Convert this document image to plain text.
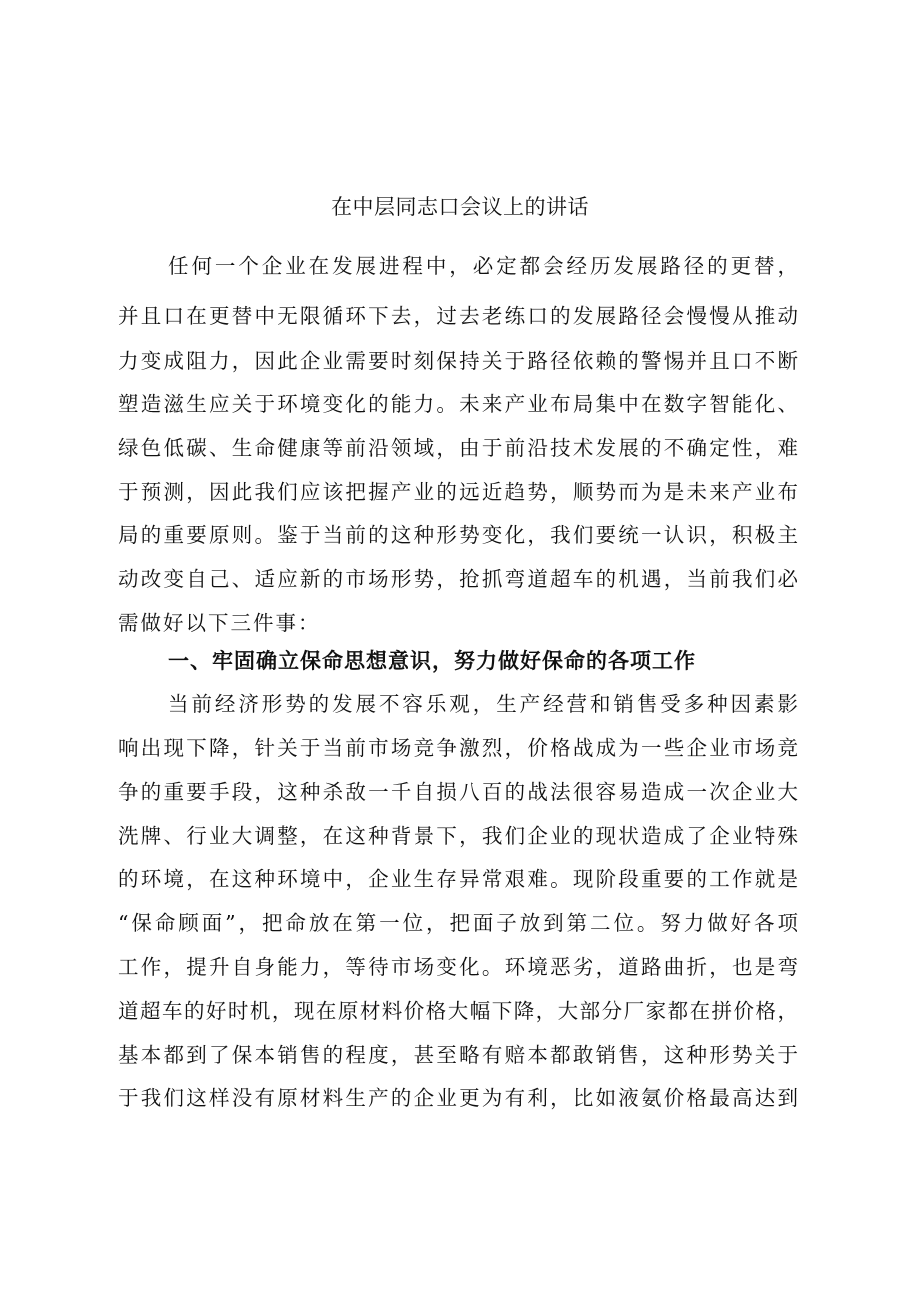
在中层同志口会议上的讲话
任何一个企业在发展进程中，必定都会经历发展路径的更替，
并且口在更替中无限循环下去，过去老练口的发展路径会慢慢从推动
力变成阻力，因此企业需要时刻保持关于路径依赖的警惕并且口不断
塑造滋生应关于环境变化的能力。未来产业布局集中在数字智能化、
绿色低碳、生命健康等前沿领域，由于前沿技术发展的不确定性，难
于预测，因此我们应该把握产业的远近趋势，顺势而为是未来产业布
局的重要原则。鉴于当前的这种形势变化，我们要统一认识，积极主
动改变自己、适应新的市场形势，抢抓弯道超车的机遇，当前我们必
需做好以下三件事：
一、牢固确立保命思想意识，努力做好保命的各项工作
当前经济形势的发展不容乐观，生产经营和销售受多种因素影
响出现下降，针关于当前市场竞争激烈，价格战成为一些企业市场竞
争的重要手段，这种杀敌一千自损八百的战法很容易造成一次企业大
洗牌、行业大调整，在这种背景下，我们企业的现状造成了企业特殊
的环境，在这种环境中，企业生存异常艰难。现阶段重要的工作就是
“保命顾面”，把命放在第一位，把面子放到第二位。努力做好各项
工作，提升自身能力，等待市场变化。环境恶劣，道路曲折，也是弯
道超车的好时机，现在原材料价格大幅下降，大部分厂家都在拼价格，
基本都到了保本销售的程度，甚至略有赔本都敢销售，这种形势关于
于我们这样没有原材料生产的企业更为有利，比如液氨价格最高达到
